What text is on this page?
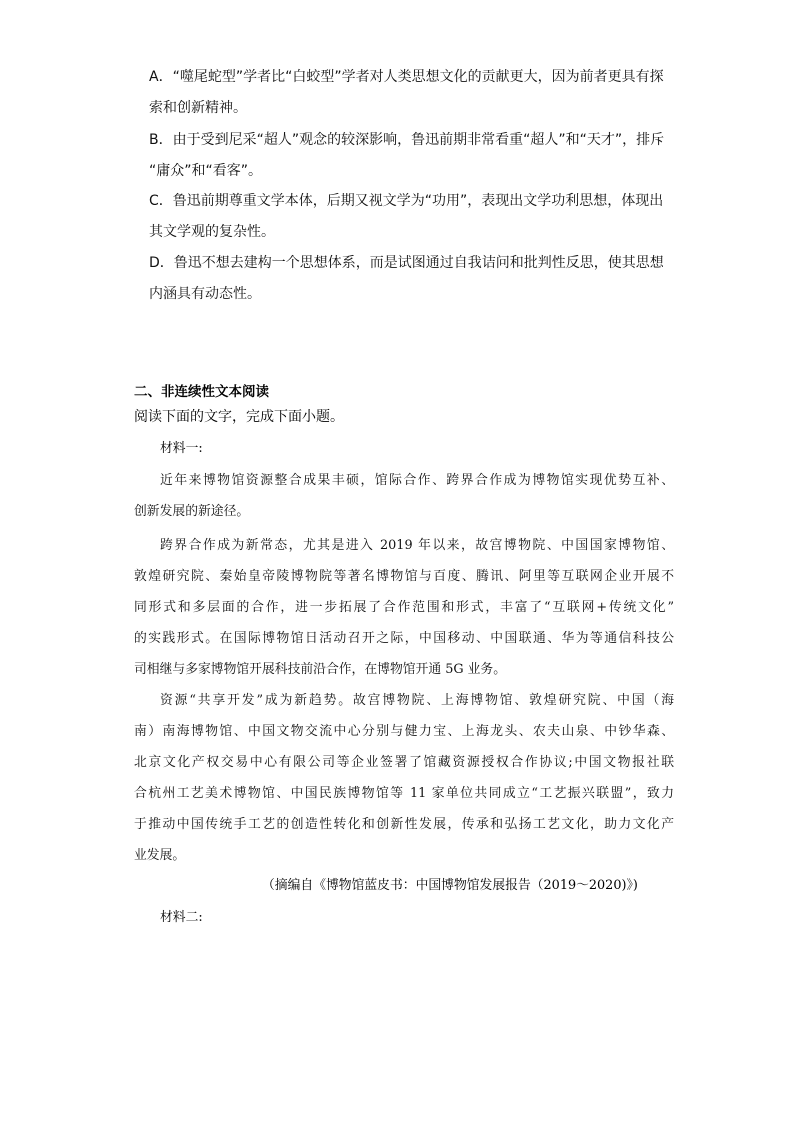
A．“噬尾蛇型”学者比“白蛟型”学者对人类思想文化的贡献更大，因为前者更具有探
索和创新精神。
B．由于受到尼采“超人”观念的较深影响，鲁迅前期非常看重“超人”和“天才”，排斥
“庸众”和“看客”。
C．鲁迅前期尊重文学本体，后期又视文学为“功用”，表现出文学功利思想，体现出
其文学观的复杂性。
D．鲁迅不想去建构一个思想体系，而是试图通过自我诘问和批判性反思，使其思想
内涵具有动态性。
二、非连续性文本阅读
阅读下面的文字，完成下面小题。
材料一:
近年来博物馆资源整合成果丰硕，馆际合作、跨界合作成为博物馆实现优势互补、
创新发展的新途径。
跨界合作成为新常态，尤其是进入 2019 年以来，故宫博物院、中国国家博物馆、
敦煌研究院、秦始皇帝陵博物院等著名博物馆与百度、腾讯、阿里等互联网企业开展不
同形式和多层面的合作，进一步拓展了合作范围和形式，丰富了“互联网+传统文化”
的实践形式。在国际博物馆日活动召开之际，中国移动、中国联通、华为等通信科技公
司相继与多家博物馆开展科技前沿合作，在博物馆开通 5G 业务。
资源“共享开发”成为新趋势。故宫博物院、上海博物馆、敦煌研究院、中国（海
南）南海博物馆、中国文物交流中心分别与健力宝、上海龙头、农夫山泉、中钞华森、
北京文化产权交易中心有限公司等企业签署了馆藏资源授权合作协议;中国文物报社联
合杭州工艺美术博物馆、中国民族博物馆等 11 家单位共同成立“工艺振兴联盟”，致力
于推动中国传统手工艺的创造性转化和创新性发展，传承和弘扬工艺文化，助力文化产
业发展。
（摘编自《博物馆蓝皮书：中国博物馆发展报告（2019～2020)》)
材料二:
